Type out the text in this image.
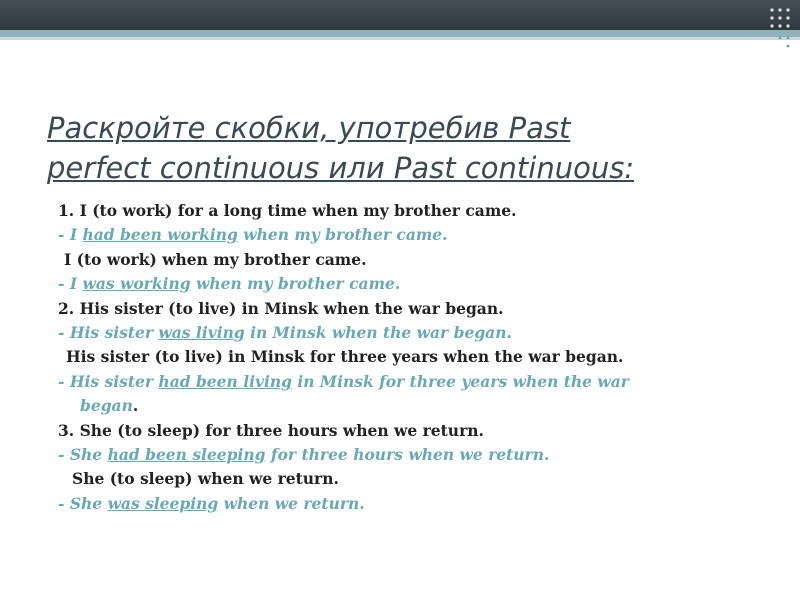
Раскройте скобки, употребив Past
perfect continuous или Past continuous:
1. I (to work) for a long time when my brother came.
- I had been working when my brother came.
I (to work) when my brother came.
- I was working when my brother came.
2. His sister (to live) in Minsk when the war began.
- His sister was living in Minsk when the war began.
His sister (to live) in Minsk for three years when the war began.
- His sister had been living in Minsk for three years when the war
began.
3. She (to sleep) for three hours when we return.
- She had been sleeping for three hours when we return.
She (to sleep) when we return.
- She was sleeping when we return.
